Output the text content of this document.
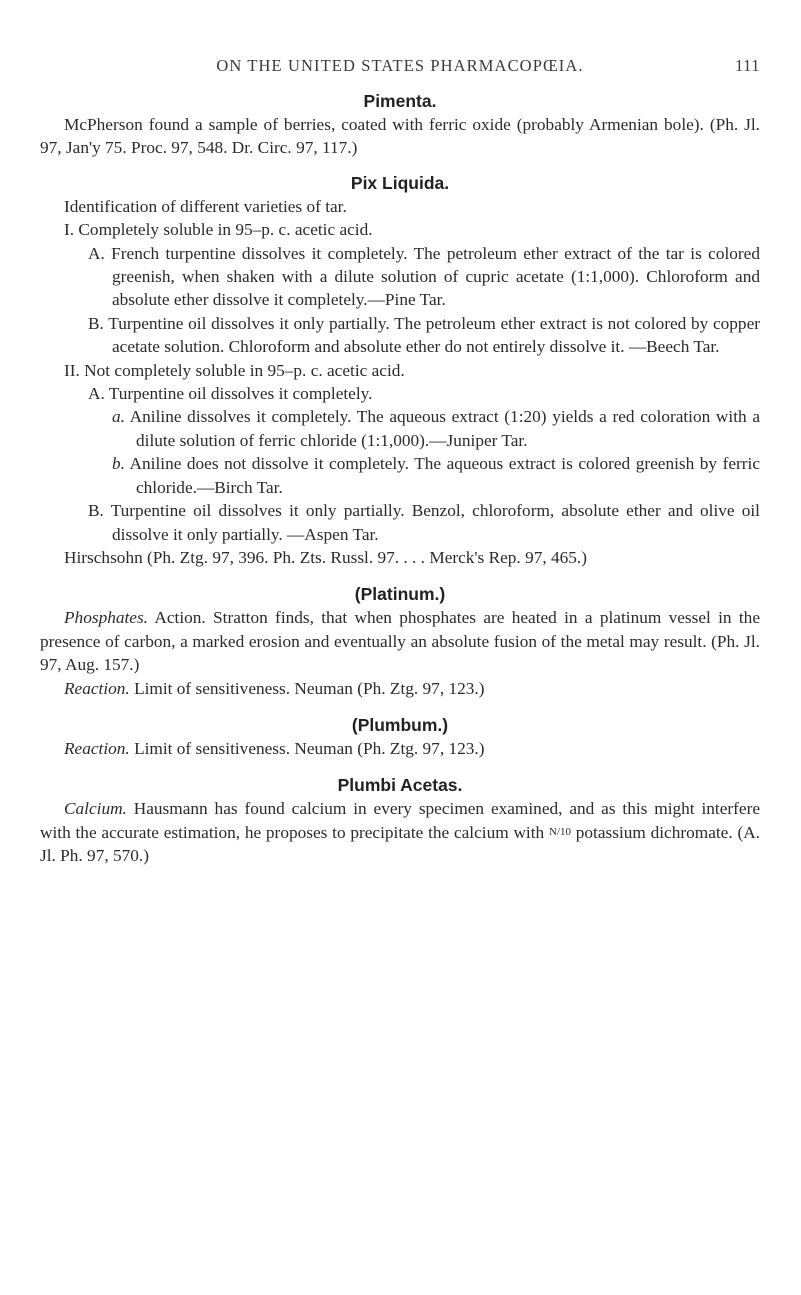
ON THE UNITED STATES PHARMACOPŒIA.	111
Pimenta.

McPherson found a sample of berries, coated with ferric oxide (probably Armenian bole). (Ph. Jl. 97, Jan'y 75. Proc. 97, 548. Dr. Circ. 97, 117.)

Pix Liquida.

Identification of different varieties of tar.

I. Completely soluble in 95–p. c. acetic acid.

A. French turpentine dissolves it completely. The petroleum ether extract of the tar is colored greenish, when shaken with a dilute solution of cupric acetate (1:1,000). Chloroform and absolute ether dissolve it completely.—Pine Tar.

B. Turpentine oil dissolves it only partially. The petroleum ether extract is not colored by copper acetate solution. Chloroform and absolute ether do not entirely dissolve it. —Beech Tar.

II. Not completely soluble in 95–p. c. acetic acid.

A. Turpentine oil dissolves it completely.

a. Aniline dissolves it completely. The aqueous extract (1:20) yields a red coloration with a dilute solution of ferric chloride (1:1,000).—Juniper Tar.

b. Aniline does not dissolve it completely. The aqueous extract is colored greenish by ferric chloride.—Birch Tar.

B. Turpentine oil dissolves it only partially. Benzol, chloroform, absolute ether and olive oil dissolve it only partially. —Aspen Tar.

Hirschsohn (Ph. Ztg. 97, 396. Ph. Zts. Russl. 97. . . . Merck's Rep. 97, 465.)

(Platinum.)

Phosphates. Action. Stratton finds, that when phosphates are heated in a platinum vessel in the presence of carbon, a marked erosion and eventually an absolute fusion of the metal may result. (Ph. Jl. 97, Aug. 157.)

Reaction. Limit of sensitiveness. Neuman (Ph. Ztg. 97, 123.)

(Plumbum.)

Reaction. Limit of sensitiveness. Neuman (Ph. Ztg. 97, 123.)

Plumbi Acetas.

Calcium. Hausmann has found calcium in every specimen examined, and as this might interfere with the accurate estimation, he proposes to precipitate the calcium with N/10 potassium dichromate. (A. Jl. Ph. 97, 570.)
